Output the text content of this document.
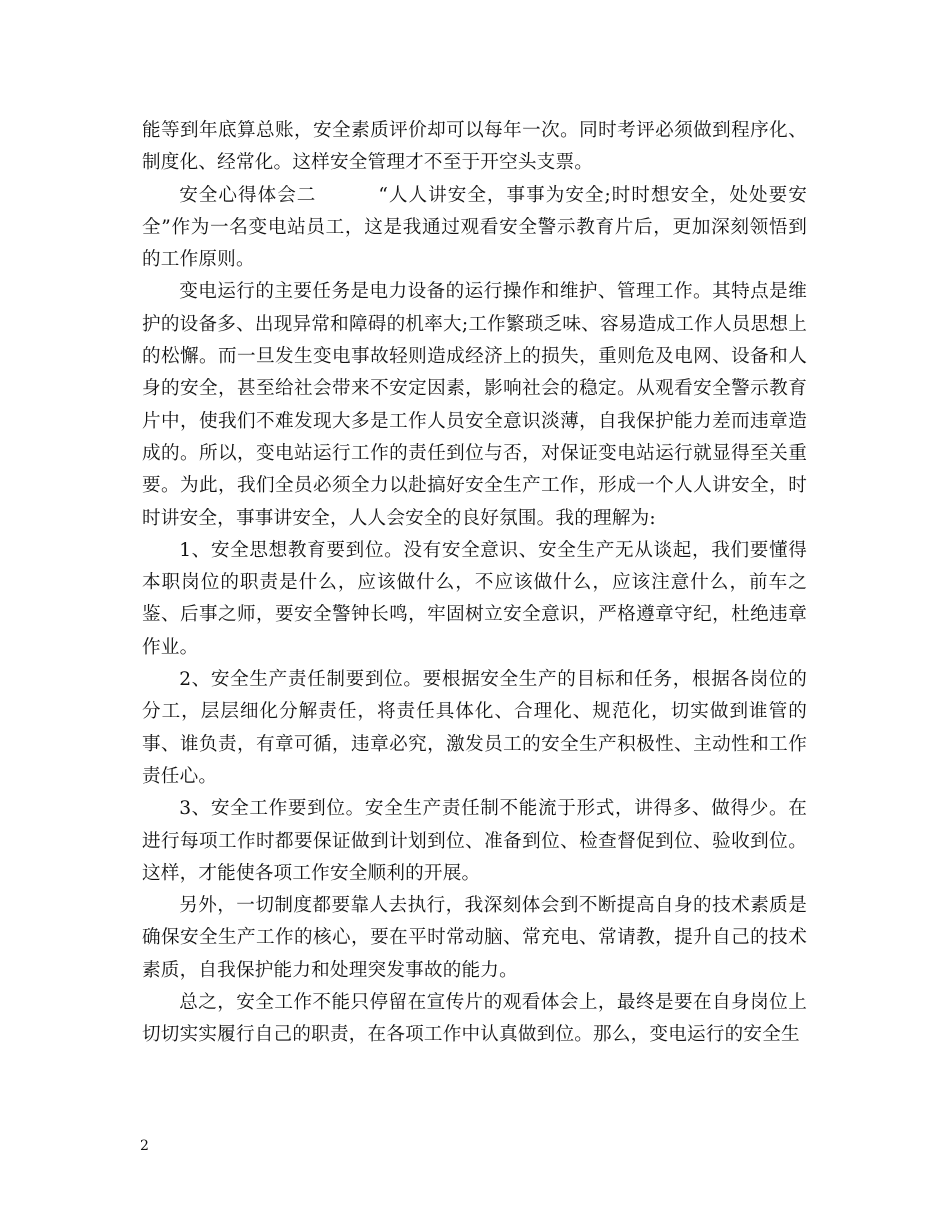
能等到年底算总账，安全素质评价却可以每年一次。同时考评必须做到程序化、制度化、经常化。这样安全管理才不至于开空头支票。

安全心得体会二	“人人讲安全，事事为安全;时时想安全，处处要安全”作为一名变电站员工，这是我通过观看安全警示教育片后，更加深刻领悟到的工作原则。

变电运行的主要任务是电力设备的运行操作和维护、管理工作。其特点是维护的设备多、出现异常和障碍的机率大;工作繁琐乏味、容易造成工作人员思想上的松懈。而一旦发生变电事故轻则造成经济上的损失，重则危及电网、设备和人身的安全，甚至给社会带来不安定因素，影响社会的稳定。从观看安全警示教育片中，使我们不难发现大多是工作人员安全意识淡薄，自我保护能力差而违章造成的。所以，变电站运行工作的责任到位与否，对保证变电站运行就显得至关重要。为此，我们全员必须全力以赴搞好安全生产工作，形成一个人人讲安全，时时讲安全，事事讲安全，人人会安全的良好氛围。我的理解为:

1、安全思想教育要到位。没有安全意识、安全生产无从谈起，我们要懂得本职岗位的职责是什么，应该做什么，不应该做什么，应该注意什么，前车之鉴、后事之师，要安全警钟长鸣，牢固树立安全意识，严格遵章守纪，杜绝违章作业。

2、安全生产责任制要到位。要根据安全生产的目标和任务，根据各岗位的分工，层层细化分解责任，将责任具体化、合理化、规范化，切实做到谁管的事、谁负责，有章可循，违章必究，激发员工的安全生产积极性、主动性和工作责任心。

3、安全工作要到位。安全生产责任制不能流于形式，讲得多、做得少。在进行每项工作时都要保证做到计划到位、准备到位、检查督促到位、验收到位。这样，才能使各项工作安全顺利的开展。

另外，一切制度都要靠人去执行，我深刻体会到不断提高自身的技术素质是确保安全生产工作的核心，要在平时常动脑、常充电、常请教，提升自己的技术素质，自我保护能力和处理突发事故的能力。

总之，安全工作不能只停留在宣传片的观看体会上，最终是要在自身岗位上切切实实履行自己的职责，在各项工作中认真做到位。那么，变电运行的安全生

2
